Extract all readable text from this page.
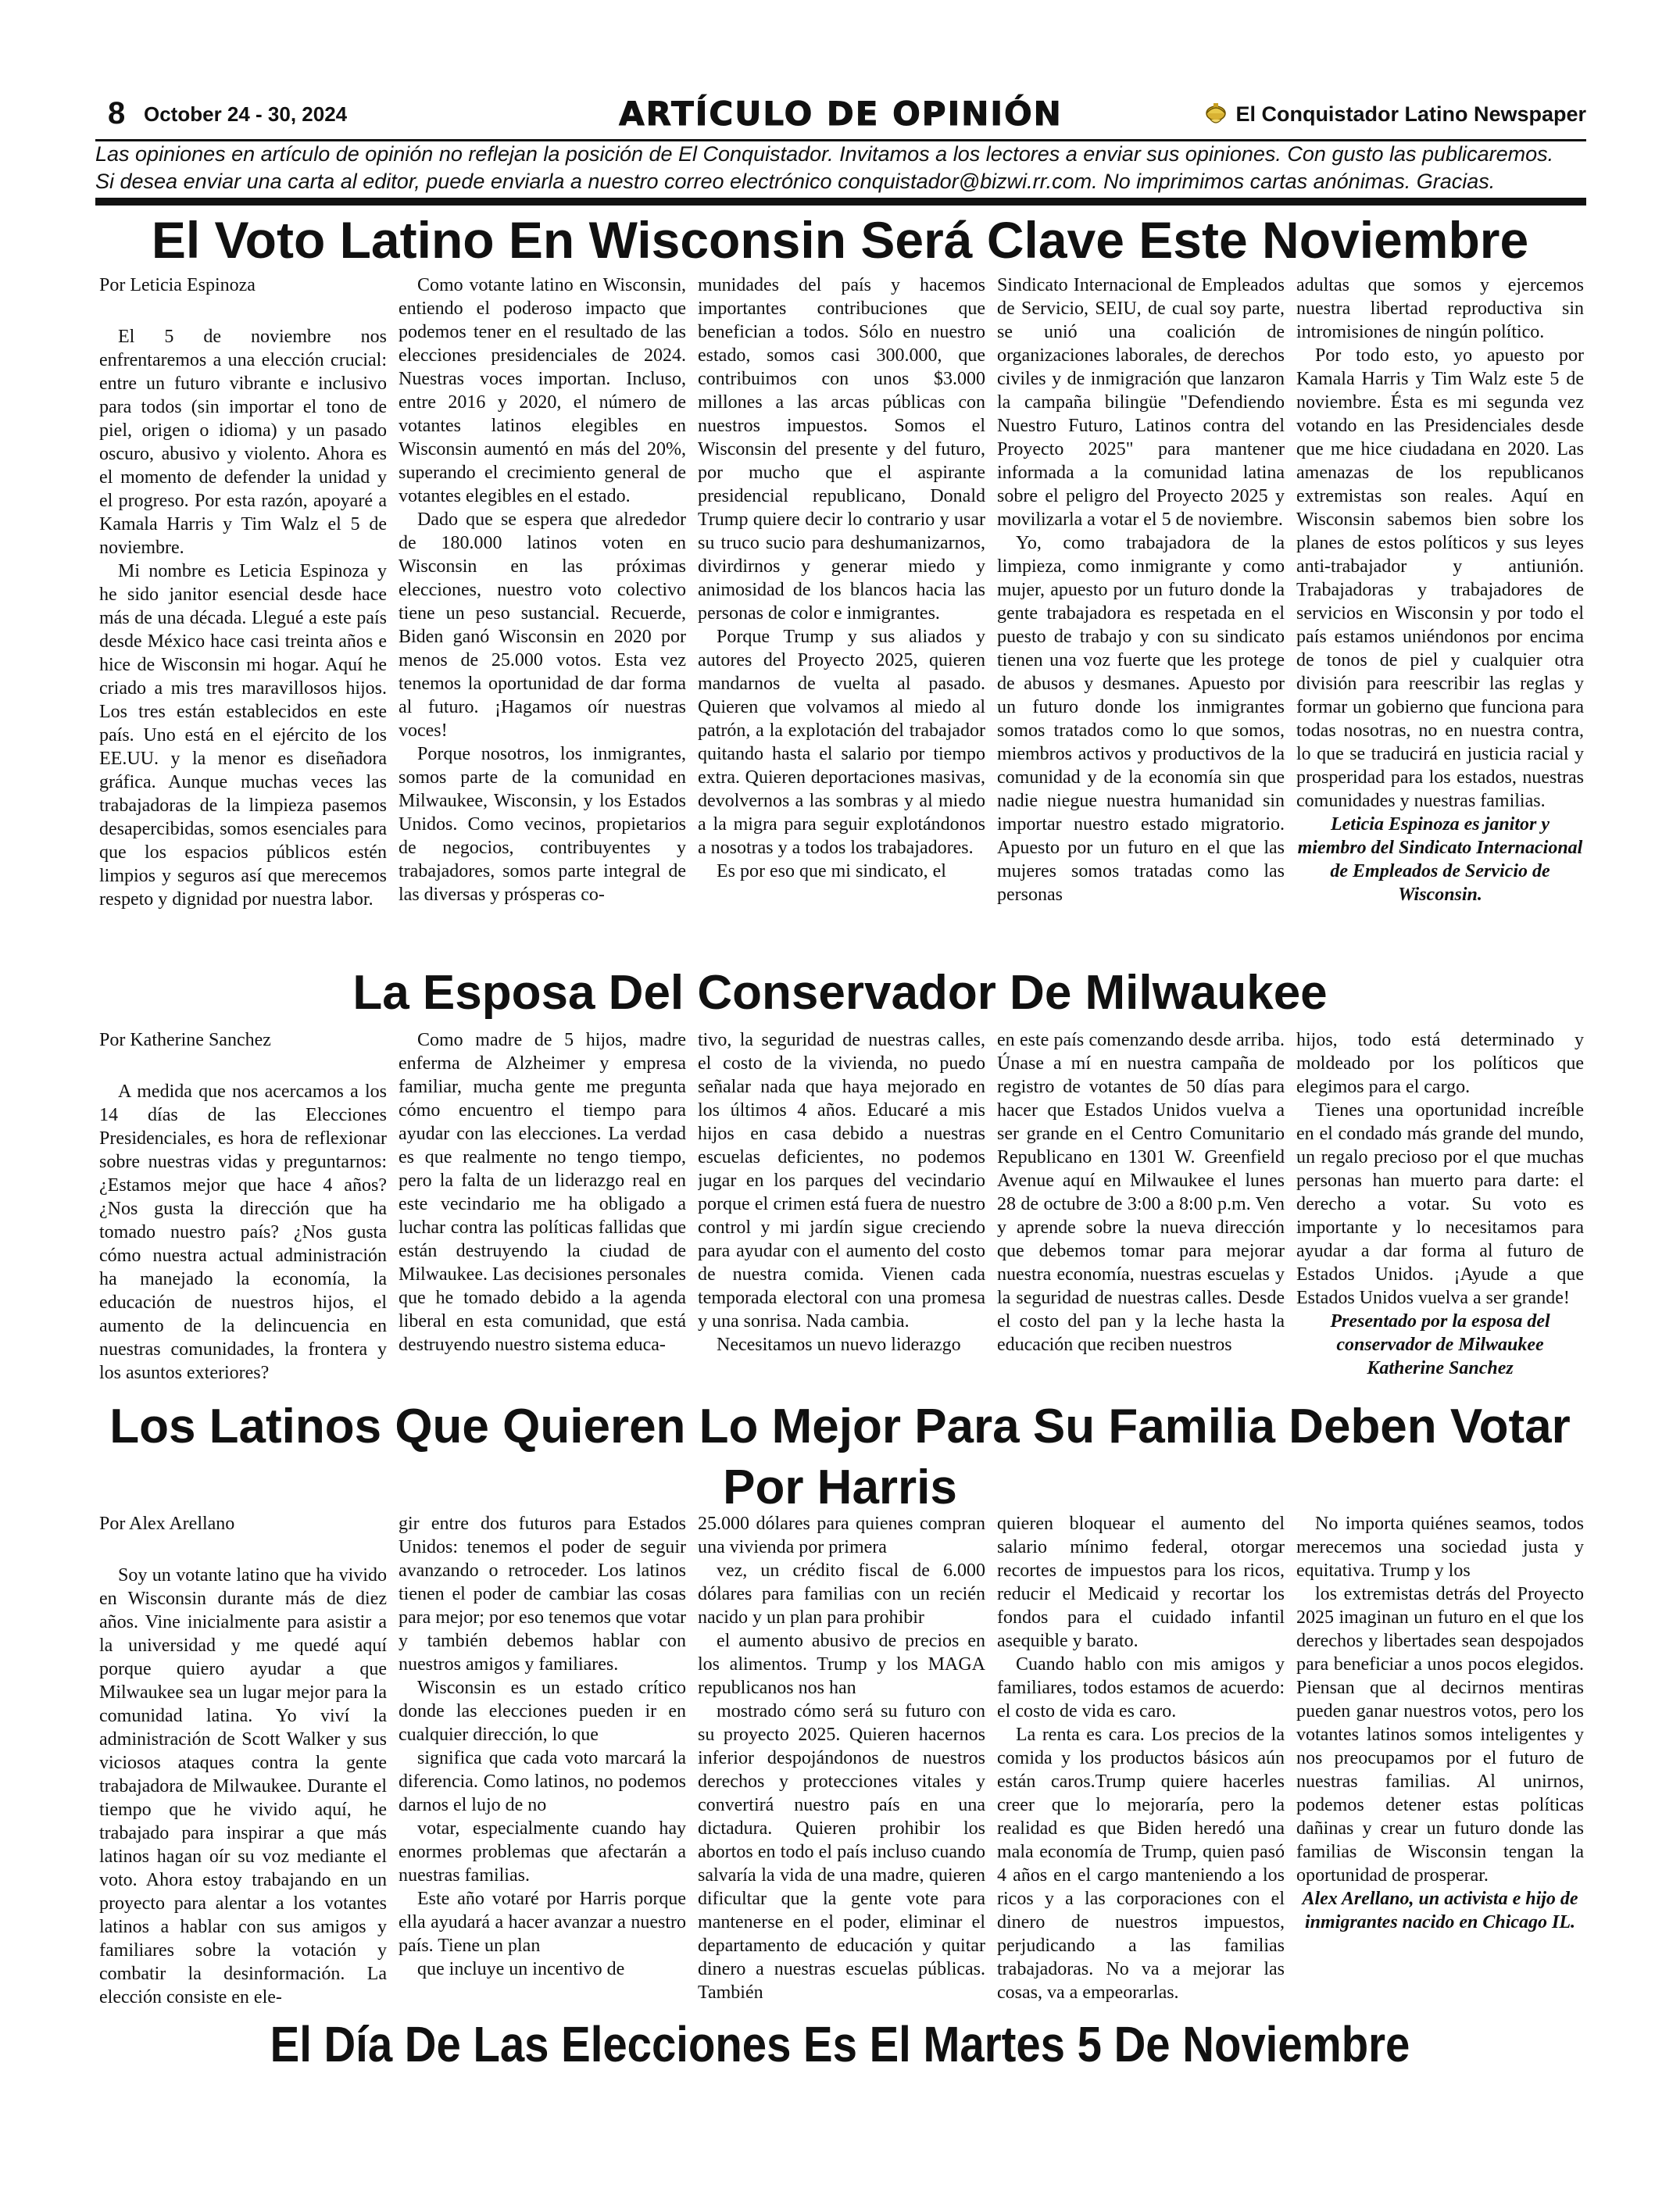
8 October 24 - 30, 2024	ARTÍCULO DE OPINIÓN	El Conquistador Latino Newspaper
Las opiniones en artículo de opinión no reflejan la posición de El Conquistador. Invitamos a los lectores a enviar sus opiniones. Con gusto las publicaremos.
Si desea enviar una carta al editor, puede enviarla a nuestro correo electrónico conquistador@bizwi.rr.com. No imprimimos cartas anónimas. Gracias.
El Voto Latino En Wisconsin Será Clave Este Noviembre

Por Leticia Espinoza

El 5 de noviembre nos enfrentaremos a una elección crucial: entre un futuro vibrante e inclusivo para todos (sin importar el tono de piel, origen o idioma) y un pasado oscuro, abusivo y violento. Ahora es el momento de defender la unidad y el progreso. Por esta razón, apoyaré a Kamala Harris y Tim Walz el 5 de noviembre.

Mi nombre es Leticia Espinoza y he sido janitor esencial desde hace más de una década. Llegué a este país desde México hace casi treinta años e hice de Wisconsin mi hogar. Aquí he criado a mis tres maravillosos hijos. Los tres están establecidos en este país. Uno está en el ejército de los EE.UU. y la menor es diseñadora gráfica. Aunque muchas veces las trabajadoras de la limpieza pasemos desapercibidas, somos esenciales para que los espacios públicos estén limpios y seguros así que merecemos respeto y dignidad por nuestra labor.

Como votante latino en Wisconsin, entiendo el poderoso impacto que podemos tener en el resultado de las elecciones presidenciales de 2024. Nuestras voces importan. Incluso, entre 2016 y 2020, el número de votantes latinos elegibles en Wisconsin aumentó en más del 20%, superando el crecimiento general de votantes elegibles en el estado.

Dado que se espera que alrededor de 180.000 latinos voten en Wisconsin en las próximas elecciones, nuestro voto colectivo tiene un peso sustancial. Recuerde, Biden ganó Wisconsin en 2020 por menos de 25.000 votos. Esta vez tenemos la oportunidad de dar forma al futuro. ¡Hagamos oír nuestras voces!

Porque nosotros, los inmigrantes, somos parte de la comunidad en Milwaukee, Wisconsin, y los Estados Unidos. Como vecinos, propietarios de negocios, contribuyentes y trabajadores, somos parte integral de las diversas y prósperas co-

munidades del país y hacemos importantes contribuciones que benefician a todos. Sólo en nuestro estado, somos casi 300.000, que contribuimos con unos $3.000 millones a las arcas públicas con nuestros impuestos. Somos el Wisconsin del presente y del futuro, por mucho que el aspirante presidencial republicano, Donald Trump quiere decir lo contrario y usar su truco sucio para deshumanizarnos, divirdirnos y generar miedo y animosidad de los blancos hacia las personas de color e inmigrantes.

Porque Trump y sus aliados y autores del Proyecto 2025, quieren mandarnos de vuelta al pasado. Quieren que volvamos al miedo al patrón, a la explotación del trabajador quitando hasta el salario por tiempo extra. Quieren deportaciones masivas, devolvernos a las sombras y al miedo a la migra para seguir explotándonos a nosotras y a todos los trabajadores.

Es por eso que mi sindicato, el

Sindicato Internacional de Empleados de Servicio, SEIU, de cual soy parte, se unió una coalición de organizaciones laborales, de derechos civiles y de inmigración que lanzaron la campaña bilingüe "Defendiendo Nuestro Futuro, Latinos contra del Proyecto 2025" para mantener informada a la comunidad latina sobre el peligro del Proyecto 2025 y movilizarla a votar el 5 de noviembre.

Yo, como trabajadora de la limpieza, como inmigrante y como mujer, apuesto por un futuro donde la gente trabajadora es respetada en el puesto de trabajo y con su sindicato tienen una voz fuerte que les protege de abusos y desmanes. Apuesto por un futuro donde los inmigrantes somos tratados como lo que somos, miembros activos y productivos de la comunidad y de la economía sin que nadie niegue nuestra humanidad sin importar nuestro estado migratorio. Apuesto por un futuro en el que las mujeres somos tratadas como las personas

adultas que somos y ejercemos nuestra libertad reproductiva sin intromisiones de ningún político.

Por todo esto, yo apuesto por Kamala Harris y Tim Walz este 5 de noviembre. Ésta es mi segunda vez votando en las Presidenciales desde que me hice ciudadana en 2020. Las amenazas de los republicanos extremistas son reales. Aquí en Wisconsin sabemos bien sobre los planes de estos políticos y sus leyes anti-trabajador y antiunión. Trabajadoras y trabajadores de servicios en Wisconsin y por todo el país estamos uniéndonos por encima de tonos de piel y cualquier otra división para reescribir las reglas y formar un gobierno que funciona para todas nosotras, no en nuestra contra, lo que se traducirá en justicia racial y prosperidad para los estados, nuestras comunidades y nuestras familias.

Leticia Espinoza es janitor y miembro del Sindicato Internacional de Empleados de Servicio de Wisconsin.

La Esposa Del Conservador De Milwaukee

Por Katherine Sanchez

A medida que nos acercamos a los 14 días de las Elecciones Presidenciales, es hora de reflexionar sobre nuestras vidas y preguntarnos: ¿Estamos mejor que hace 4 años? ¿Nos gusta la dirección que ha tomado nuestro país? ¿Nos gusta cómo nuestra actual administración ha manejado la economía, la educación de nuestros hijos, el aumento de la delincuencia en nuestras comunidades, la frontera y los asuntos exteriores?

Como madre de 5 hijos, madre enferma de Alzheimer y empresa familiar, mucha gente me pregunta cómo encuentro el tiempo para ayudar con las elecciones. La verdad es que realmente no tengo tiempo, pero la falta de un liderazgo real en este vecindario me ha obligado a luchar contra las políticas fallidas que están destruyendo la ciudad de Milwaukee. Las decisiones personales que he tomado debido a la agenda liberal en esta comunidad, que está destruyendo nuestro sistema educa-

tivo, la seguridad de nuestras calles, el costo de la vivienda, no puedo señalar nada que haya mejorado en los últimos 4 años. Educaré a mis hijos en casa debido a nuestras escuelas deficientes, no podemos jugar en los parques del vecindario porque el crimen está fuera de nuestro control y mi jardín sigue creciendo para ayudar con el aumento del costo de nuestra comida. Vienen cada temporada electoral con una promesa y una sonrisa. Nada cambia.

Necesitamos un nuevo liderazgo

en este país comenzando desde arriba. Únase a mí en nuestra campaña de registro de votantes de 50 días para hacer que Estados Unidos vuelva a ser grande en el Centro Comunitario Republicano en 1301 W. Greenfield Avenue aquí en Milwaukee el lunes 28 de octubre de 3:00 a 8:00 p.m. Ven y aprende sobre la nueva dirección que debemos tomar para mejorar nuestra economía, nuestras escuelas y la seguridad de nuestras calles. Desde el costo del pan y la leche hasta la educación que reciben nuestros

hijos, todo está determinado y moldeado por los políticos que elegimos para el cargo.

Tienes una oportunidad increíble en el condado más grande del mundo, un regalo precioso por el que muchas personas han muerto para darte: el derecho a votar. Su voto es importante y lo necesitamos para ayudar a dar forma al futuro de Estados Unidos. ¡Ayude a que Estados Unidos vuelva a ser grande!

Presentado por la esposa del conservador de Milwaukee Katherine Sanchez

Los Latinos Que Quieren Lo Mejor Para Su Familia Deben Votar Por Harris

Por Alex Arellano

Soy un votante latino que ha vivido en Wisconsin durante más de diez años. Vine inicialmente para asistir a la universidad y me quedé aquí porque quiero ayudar a que Milwaukee sea un lugar mejor para la comunidad latina. Yo viví la administración de Scott Walker y sus viciosos ataques contra la gente trabajadora de Milwaukee. Durante el tiempo que he vivido aquí, he trabajado para inspirar a que más latinos hagan oír su voz mediante el voto. Ahora estoy trabajando en un proyecto para alentar a los votantes latinos a hablar con sus amigos y familiares sobre la votación y combatir la desinformación. La elección consiste en ele-

gir entre dos futuros para Estados Unidos: tenemos el poder de seguir avanzando o retroceder. Los latinos tienen el poder de cambiar las cosas para mejor; por eso tenemos que votar y también debemos hablar con nuestros amigos y familiares.

Wisconsin es un estado crítico donde las elecciones pueden ir en cualquier dirección, lo que

significa que cada voto marcará la diferencia. Como latinos, no podemos darnos el lujo de no

votar, especialmente cuando hay enormes problemas que afectarán a nuestras familias.

Este año votaré por Harris porque ella ayudará a hacer avanzar a nuestro país. Tiene un plan

que incluye un incentivo de

25.000 dólares para quienes compran una vivienda por primera

vez, un crédito fiscal de 6.000 dólares para familias con un recién nacido y un plan para prohibir

el aumento abusivo de precios en los alimentos. Trump y los MAGA republicanos nos han

mostrado cómo será su futuro con su proyecto 2025. Quieren hacernos inferior despojándonos de nuestros derechos y protecciones vitales y convertirá nuestro país en una dictadura. Quieren prohibir los abortos en todo el país incluso cuando salvaría la vida de una madre, quieren dificultar que la gente vote para mantenerse en el poder, eliminar el departamento de educación y quitar dinero a nuestras escuelas públicas. También

quieren bloquear el aumento del salario mínimo federal, otorgar recortes de impuestos para los ricos, reducir el Medicaid y recortar los fondos para el cuidado infantil asequible y barato.

Cuando hablo con mis amigos y familiares, todos estamos de acuerdo: el costo de vida es caro.

La renta es cara. Los precios de la comida y los productos básicos aún están caros.Trump quiere hacerles creer que lo mejoraría, pero la realidad es que Biden heredó una mala economía de Trump, quien pasó 4 años en el cargo manteniendo a los ricos y a las corporaciones con el dinero de nuestros impuestos, perjudicando a las familias trabajadoras. No va a mejorar las cosas, va a empeorarlas.

No importa quiénes seamos, todos merecemos una sociedad justa y equitativa. Trump y los

los extremistas detrás del Proyecto 2025 imaginan un futuro en el que los derechos y libertades sean despojados para beneficiar a unos pocos elegidos. Piensan que al decirnos mentiras pueden ganar nuestros votos, pero los votantes latinos somos inteligentes y nos preocupamos por el futuro de nuestras familias. Al unirnos, podemos detener estas políticas dañinas y crear un futuro donde las familias de Wisconsin tengan la oportunidad de prosperar.

Alex Arellano, un activista e hijo de inmigrantes nacido en Chicago IL.

El Día De Las Elecciones Es El Martes 5 De Noviembre
